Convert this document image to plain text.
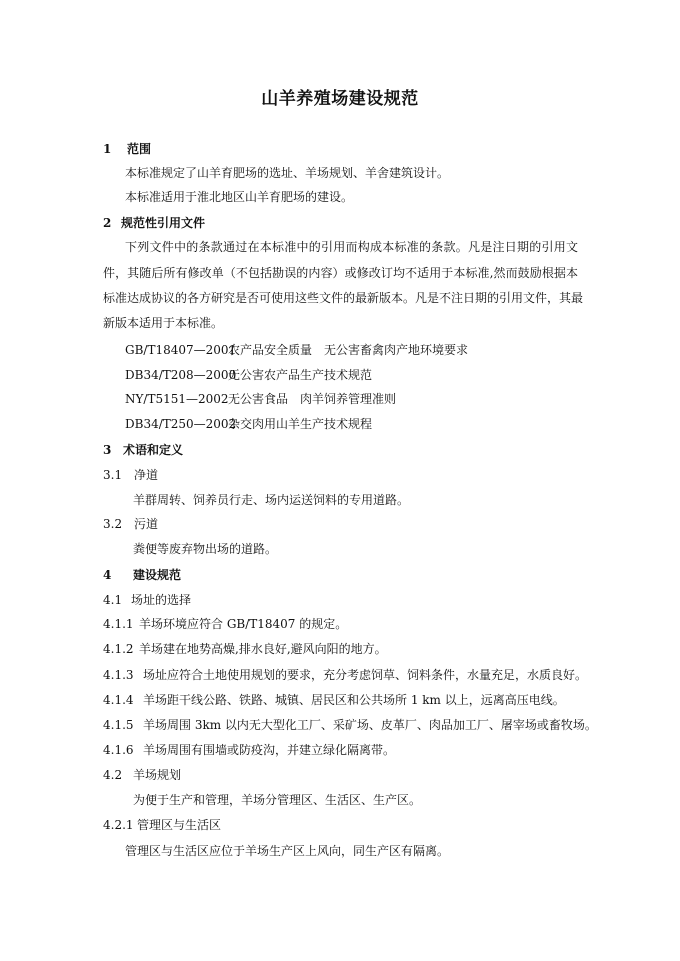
山羊养殖场建设规范
1 范围
本标准规定了山羊育肥场的选址、羊场规划、羊舍建筑设计。
本标准适用于淮北地区山羊育肥场的建设。
2 规范性引用文件
下列文件中的条款通过在本标准中的引用而构成本标准的条款。凡是注日期的引用文
件，其随后所有修改单（不包括勘误的内容）或修改订均不适用于本标准,然而鼓励根据本
标准达成协议的各方研究是否可使用这些文件的最新版本。凡是不注日期的引用文件，其最
新版本适用于本标准。
GB/T18407—2001
农产品安全质量　无公害畜禽肉产地环境要求
DB34/T208—2000
无公害农产品生产技术规范
NY/T5151—2002 无公害食品　肉羊饲养管理准则
DB34/T250—2002
杂交肉用山羊生产技术规程
3 术语和定义
3.1 净道
羊群周转、饲养员行走、场内运送饲料的专用道路。
3.2 污道
粪便等废弃物出场的道路。
4 建设规范
4.1 场址的选择
4.1.1 羊场环境应符合 GB/T18407 的规定。
4.1.2 羊场建在地势高燥,排水良好,避风向阳的地方。
4.1.3 场址应符合土地使用规划的要求，充分考虑饲草、饲料条件，水量充足，水质良好。
4.1.4 羊场距干线公路、铁路、城镇、居民区和公共场所 1 km 以上，远离高压电线。
4.1.5 羊场周围 3km 以内无大型化工厂、采矿场、皮革厂、肉品加工厂、屠宰场或畜牧场。
4.1.6 羊场周围有围墙或防疫沟，并建立绿化隔离带。
4.2 羊场规划
为便于生产和管理，羊场分管理区、生活区、生产区。
4.2.1 管理区与生活区
管理区与生活区应位于羊场生产区上风向，同生产区有隔离。
